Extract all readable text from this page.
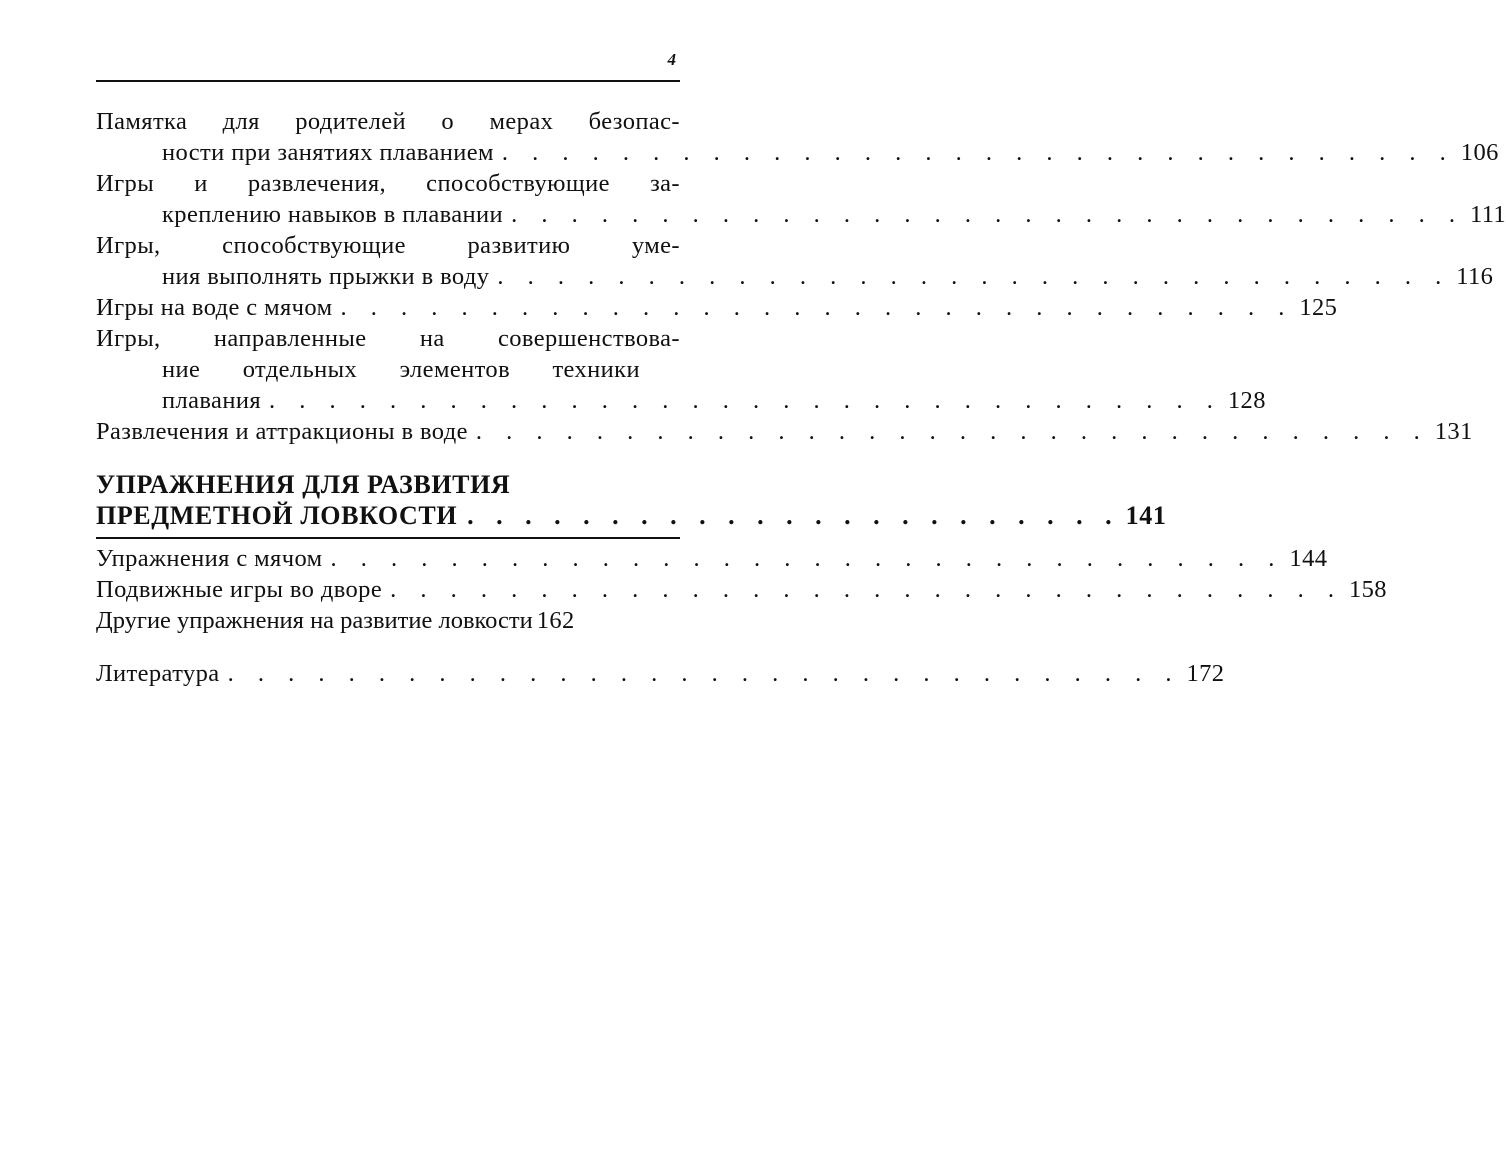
4
Памятка для родителей о мерах безопас-
ности при занятиях плаванием . . . . . . . . . . . . . . . . . . . . . . . . . . . . . . . . 106
Игры и развлечения, способствующие за-
креплению навыков в плавании . . . . . . . . . . . . . . . . . . . . . . . . . . . . . . . . 111
Игры, способствующие развитию уме-
ния выполнять прыжки в воду . . . . . . . . . . . . . . . . . . . . . . . . . . . . . . . . 116
Игры на воде с мячом . . . . . . . . . . . . . . . . . . . . . . . . . . . . . . . . 125
Игры, направленные на совершенствова-
ние отдельных элементов техники
плавания . . . . . . . . . . . . . . . . . . . . . . . . . . . . . . . . 128
Развлечения и аттракционы в воде . . . . . . . . . . . . . . . . . . . . . . . . . . . . . . . . 131
УПРАЖНЕНИЯ ДЛЯ РАЗВИТИЯ
ПРЕДМЕТНОЙ ЛОВКОСТИ . . . . . . . . . . . . . . . . . . . . . . . 141
Упражнения с мячом . . . . . . . . . . . . . . . . . . . . . . . . . . . . . . . . 144
Подвижные игры во дворе . . . . . . . . . . . . . . . . . . . . . . . . . . . . . . . . 158
Другие упражнения на развитие ловкости 162
Литература . . . . . . . . . . . . . . . . . . . . . . . . . . . . . . . . 172
